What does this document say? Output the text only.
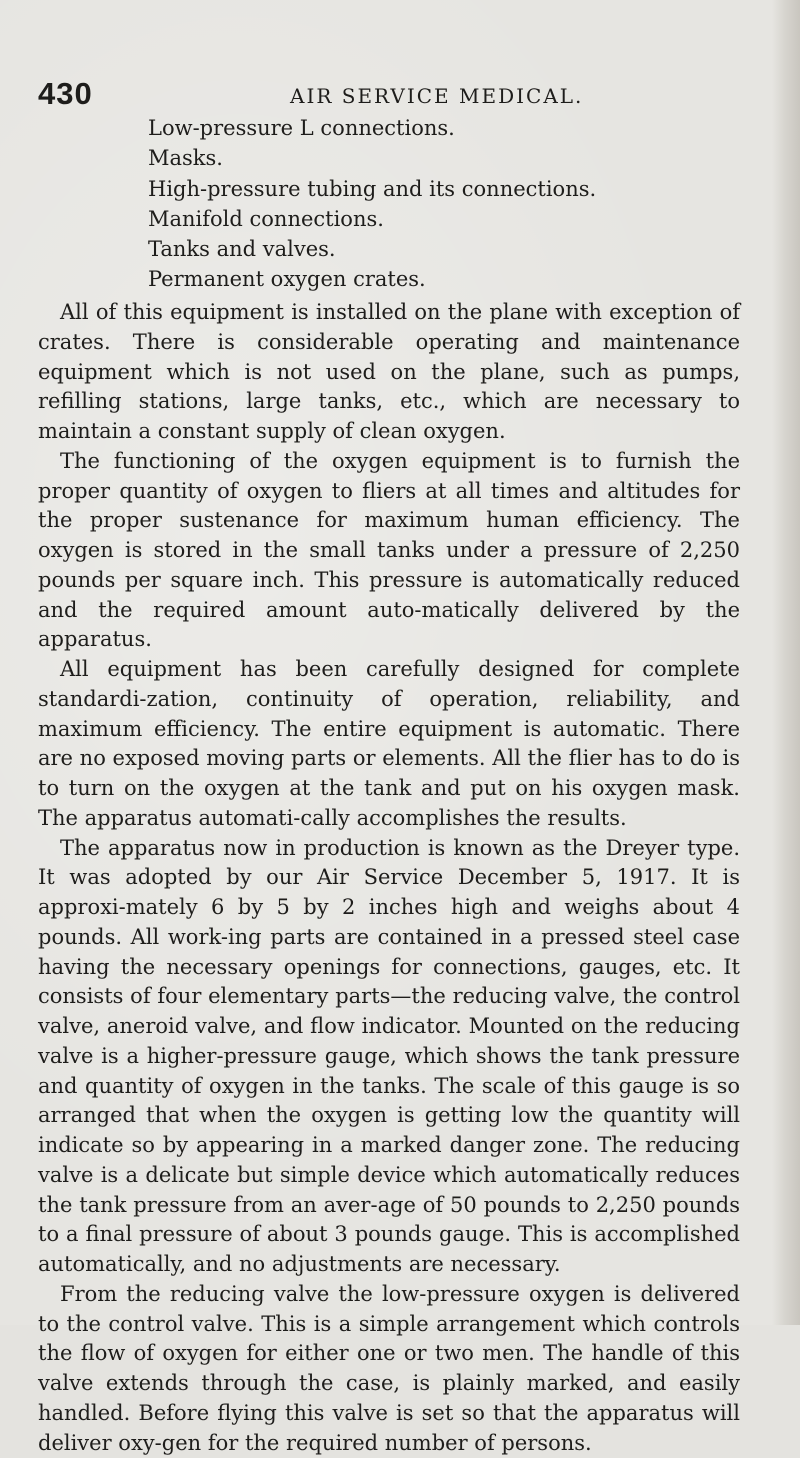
430	AIR SERVICE MEDICAL.
Low-pressure L connections.
Masks.
High-pressure tubing and its connections.
Manifold connections.
Tanks and valves.
Permanent oxygen crates.

All of this equipment is installed on the plane with exception of crates. There is considerable operating and maintenance equipment which is not used on the plane, such as pumps, refilling stations, large tanks, etc., which are necessary to maintain a constant supply of clean oxygen.

The functioning of the oxygen equipment is to furnish the proper quantity of oxygen to fliers at all times and altitudes for the proper sustenance for maximum human efficiency. The oxygen is stored in the small tanks under a pressure of 2,250 pounds per square inch. This pressure is automatically reduced and the required amount auto-matically delivered by the apparatus.

All equipment has been carefully designed for complete standardi-zation, continuity of operation, reliability, and maximum efficiency. The entire equipment is automatic. There are no exposed moving parts or elements. All the flier has to do is to turn on the oxygen at the tank and put on his oxygen mask. The apparatus automati-cally accomplishes the results.

The apparatus now in production is known as the Dreyer type. It was adopted by our Air Service December 5, 1917. It is approxi-mately 6 by 5 by 2 inches high and weighs about 4 pounds. All work-ing parts are contained in a pressed steel case having the necessary openings for connections, gauges, etc. It consists of four elementary parts—the reducing valve, the control valve, aneroid valve, and flow indicator. Mounted on the reducing valve is a higher-pressure gauge, which shows the tank pressure and quantity of oxygen in the tanks. The scale of this gauge is so arranged that when the oxygen is getting low the quantity will indicate so by appearing in a marked danger zone. The reducing valve is a delicate but simple device which automatically reduces the tank pressure from an aver-age of 50 pounds to 2,250 pounds to a final pressure of about 3 pounds gauge. This is accomplished automatically, and no adjustments are necessary.

From the reducing valve the low-pressure oxygen is delivered to the control valve. This is a simple arrangement which controls the flow of oxygen for either one or two men. The handle of this valve extends through the case, is plainly marked, and easily handled. Before flying this valve is set so that the apparatus will deliver oxy-gen for the required number of persons.
